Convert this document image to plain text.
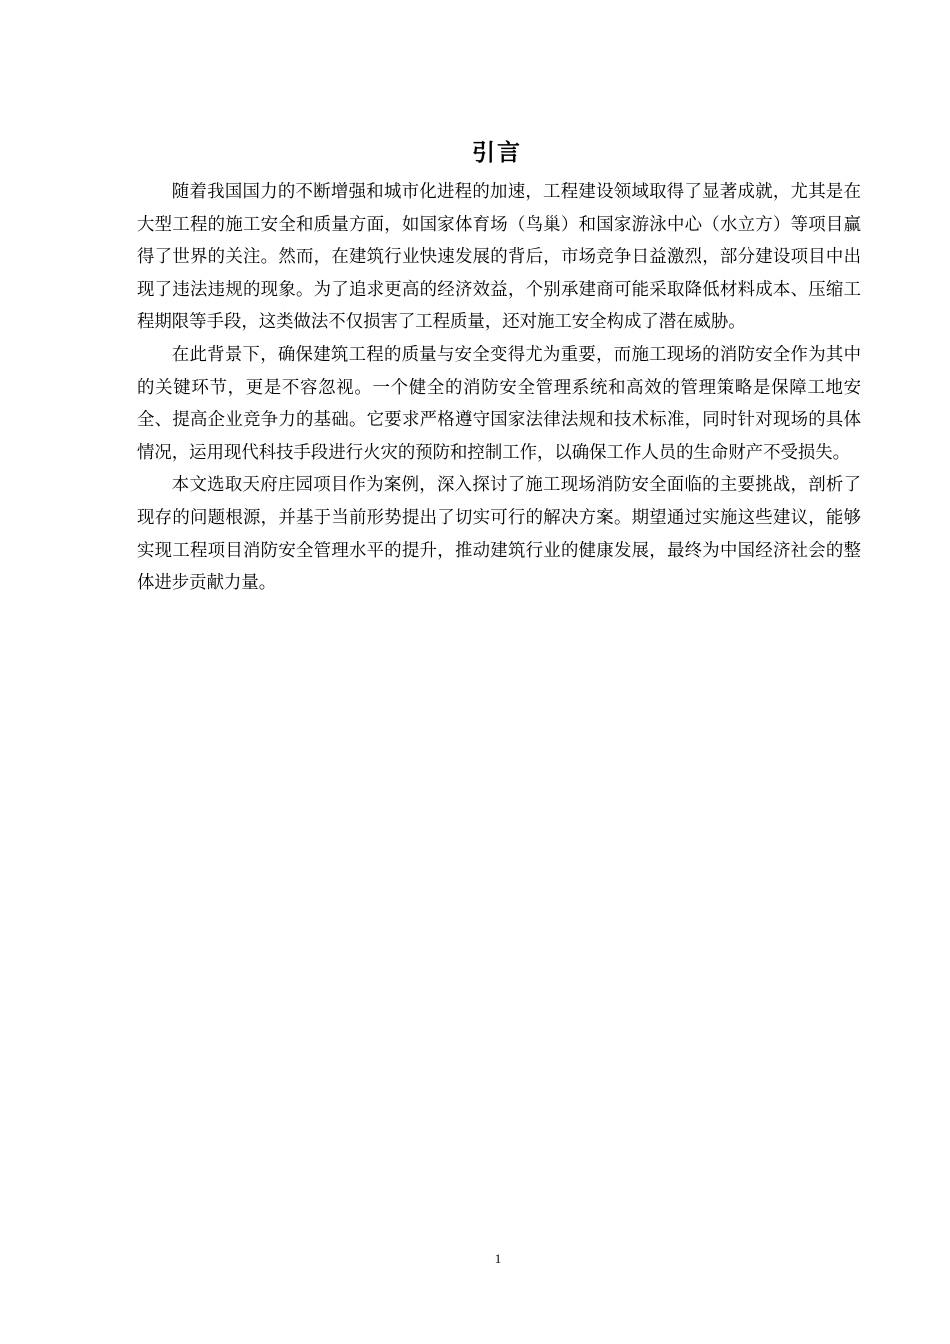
引言

随着我国国力的不断增强和城市化进程的加速，工程建设领域取得了显著成就，尤其是在大型工程的施工安全和质量方面，如国家体育场（鸟巢）和国家游泳中心（水立方）等项目赢得了世界的关注。然而，在建筑行业快速发展的背后，市场竞争日益激烈，部分建设项目中出现了违法违规的现象。为了追求更高的经济效益，个别承建商可能采取降低材料成本、压缩工程期限等手段，这类做法不仅损害了工程质量，还对施工安全构成了潜在威胁。

在此背景下，确保建筑工程的质量与安全变得尤为重要，而施工现场的消防安全作为其中的关键环节，更是不容忽视。一个健全的消防安全管理系统和高效的管理策略是保障工地安全、提高企业竞争力的基础。它要求严格遵守国家法律法规和技术标准，同时针对现场的具体情况，运用现代科技手段进行火灾的预防和控制工作，以确保工作人员的生命财产不受损失。

本文选取天府庄园项目作为案例，深入探讨了施工现场消防安全面临的主要挑战，剖析了现存的问题根源，并基于当前形势提出了切实可行的解决方案。期望通过实施这些建议，能够实现工程项目消防安全管理水平的提升，推动建筑行业的健康发展，最终为中国经济社会的整体进步贡献力量。

1
